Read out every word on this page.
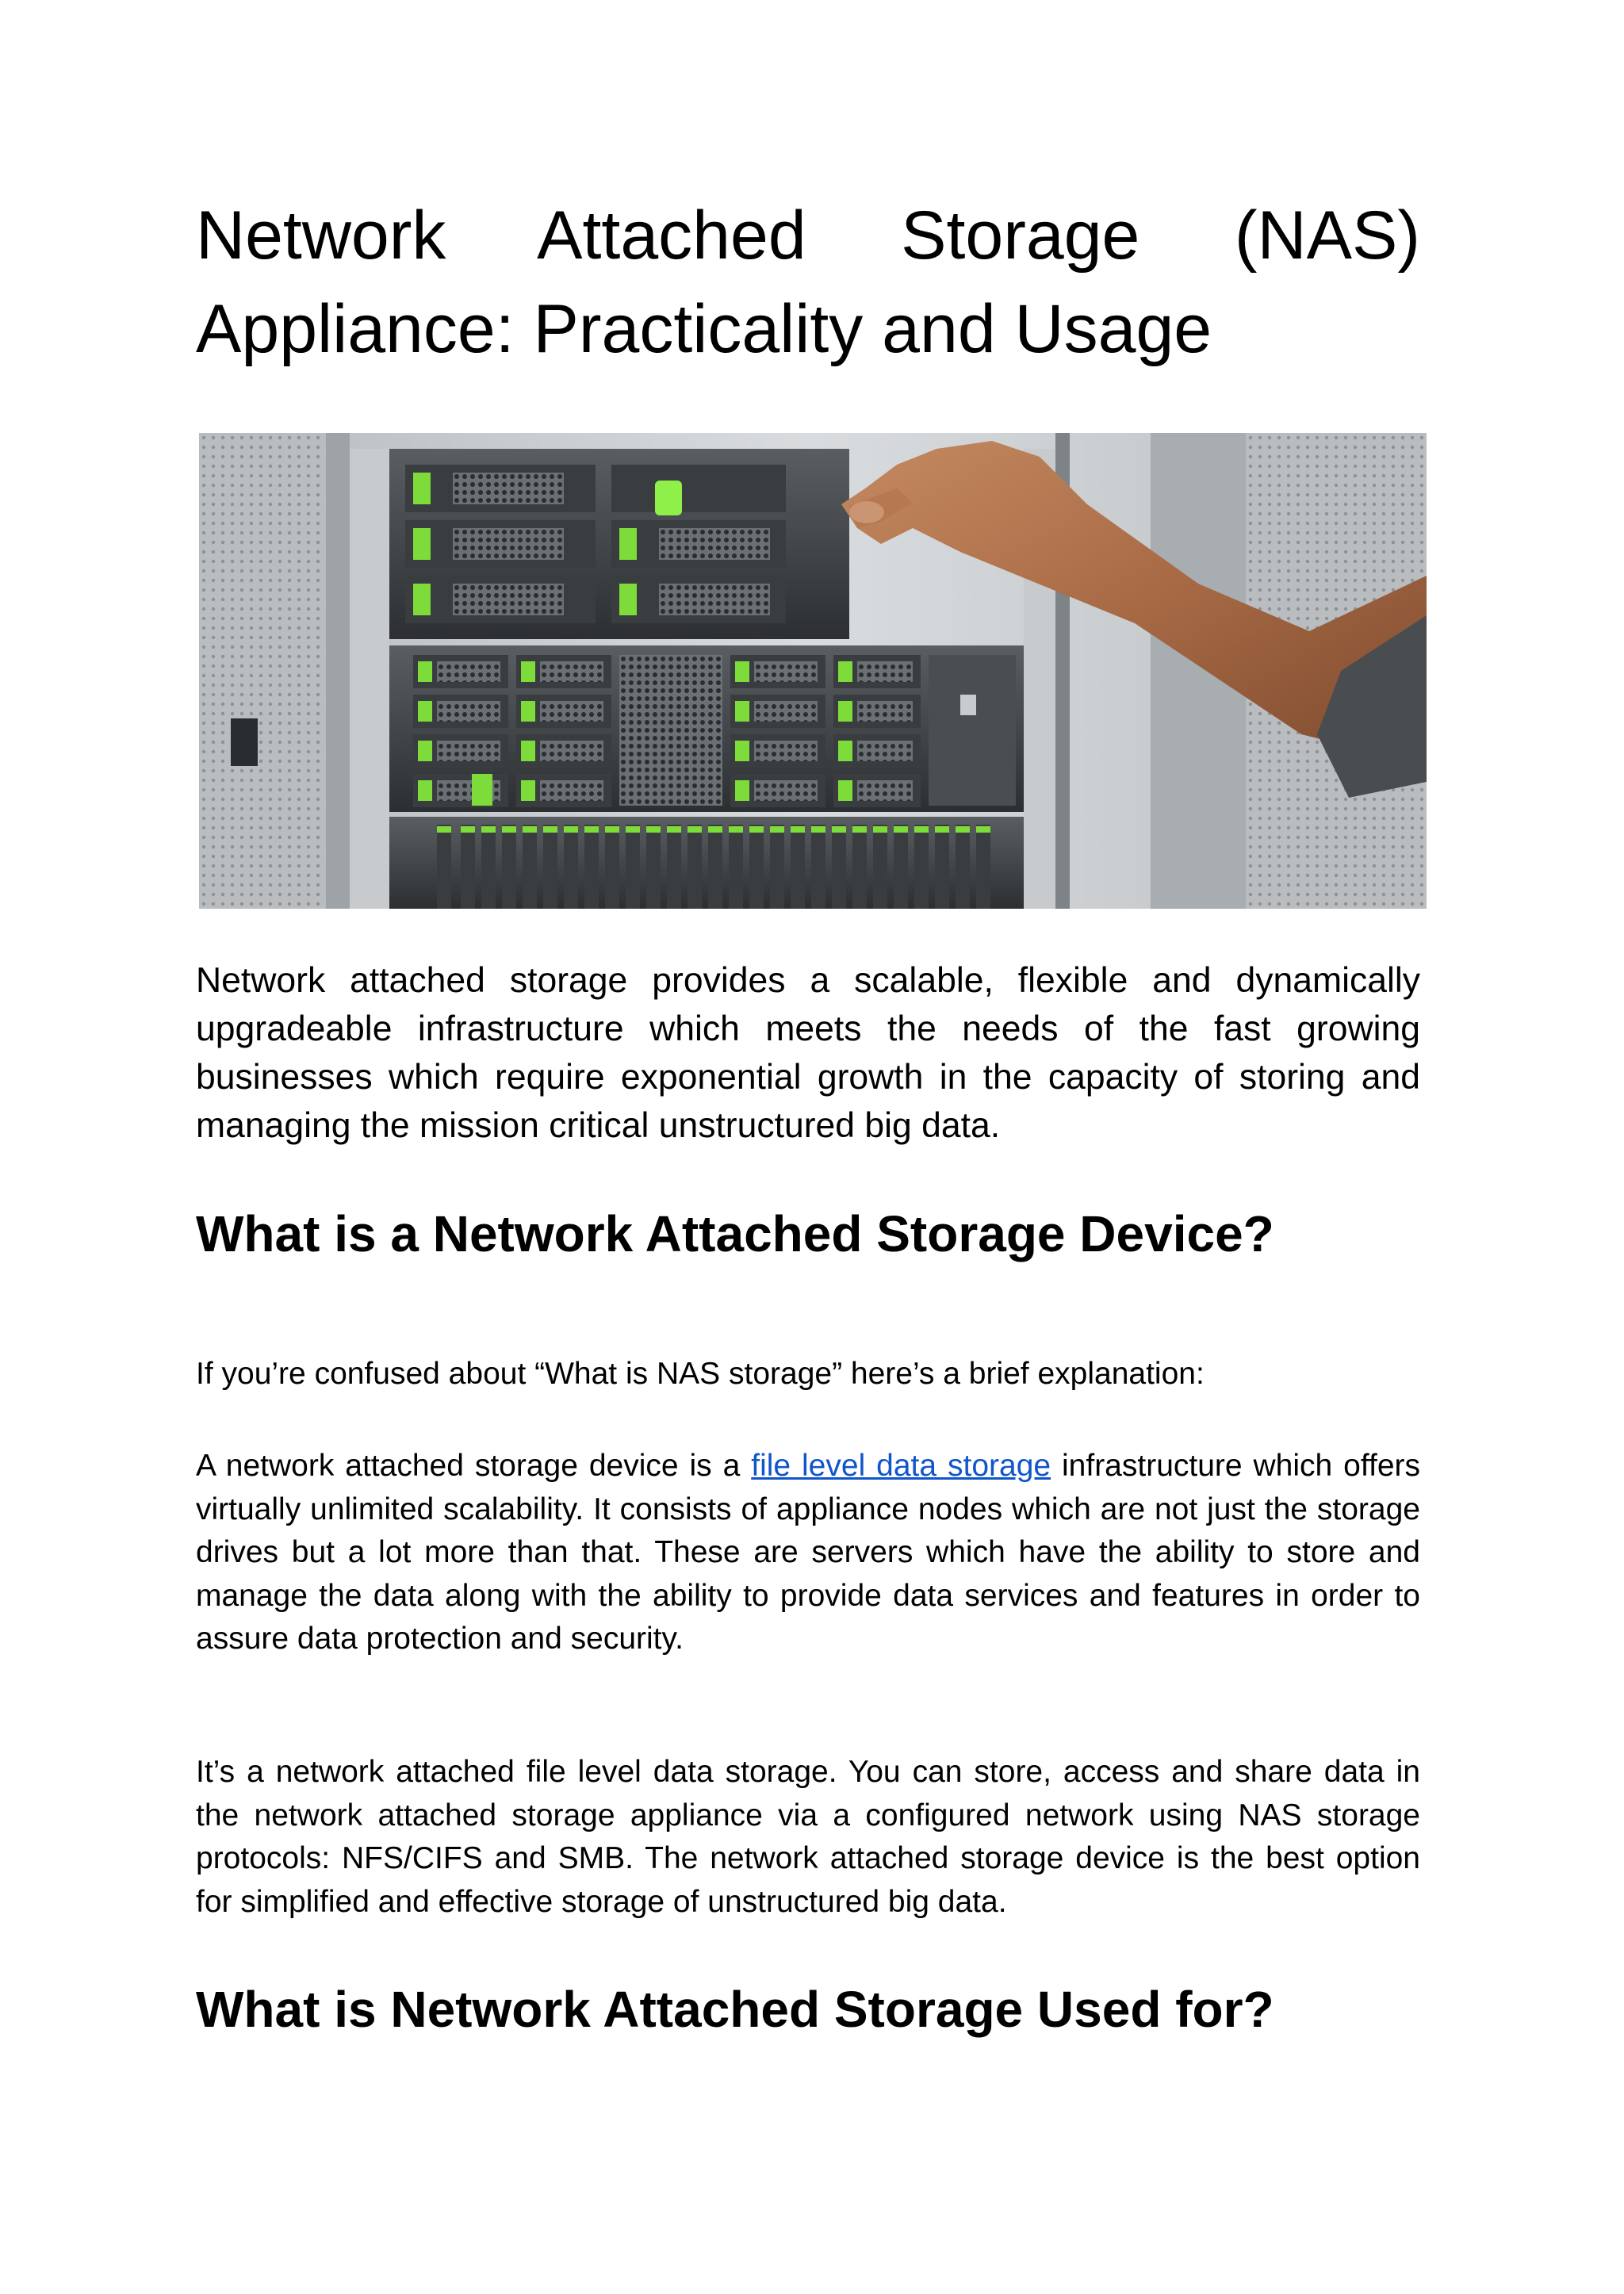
Network Attached Storage (NAS)
Appliance: Practicality and Usage

Network attached storage provides a scalable, flexible and dynamically upgradeable infrastructure which meets the needs of the fast growing businesses which require exponential growth in the capacity of storing and managing the mission critical unstructured big data.

What is a Network Attached Storage Device?

If you’re confused about “What is NAS storage” here’s a brief explanation:

A network attached storage device is a file level data storage infrastructure which offers virtually unlimited scalability. It consists of appliance nodes which are not just the storage drives but a lot more than that. These are servers which have the ability to store and manage the data along with the ability to provide data services and features in order to assure data protection and security.

It’s a network attached file level data storage. You can store, access and share data in the network attached storage appliance via a configured network using NAS storage protocols: NFS/CIFS and SMB. The network attached storage device is the best option for simplified and effective storage of unstructured big data.

What is Network Attached Storage Used for?
